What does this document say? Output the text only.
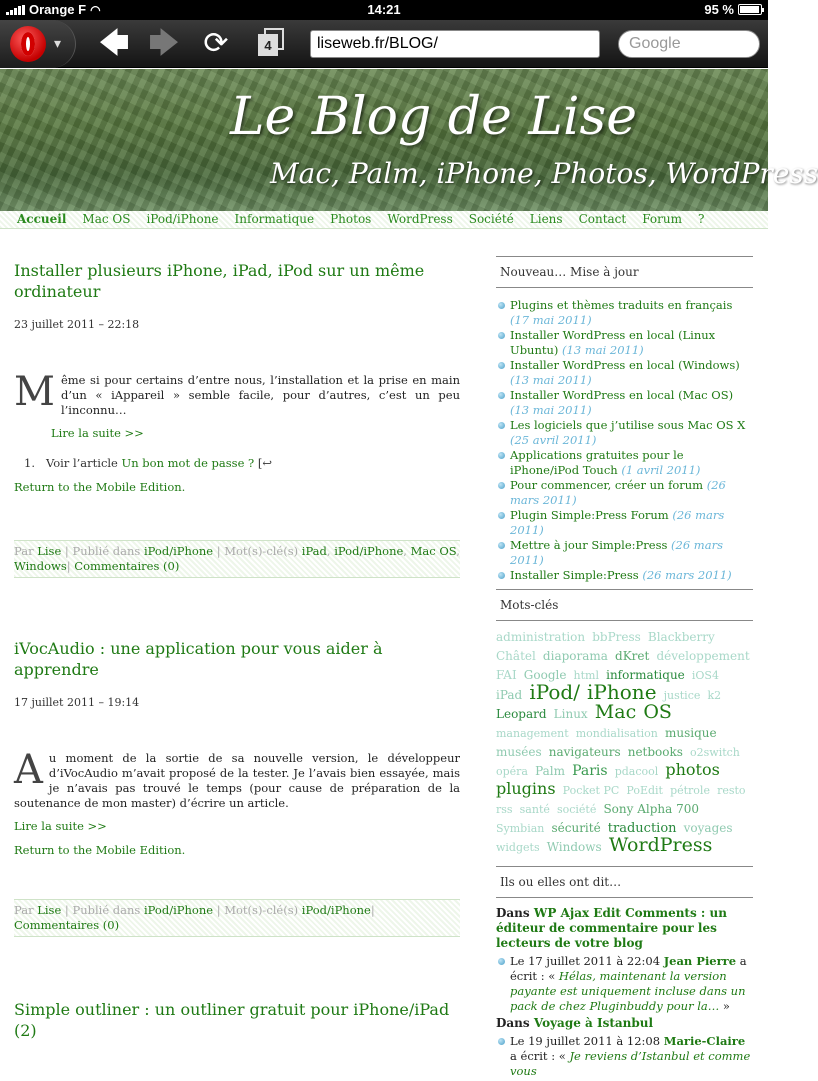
Orange F ◠	14:21	95 %
▾ 🡄 🡆 ⟳	4	liseweb.fr/BLOG/	Google
Le Blog de Lise
Mac, Palm, iPhone, Photos, WordPress
Accueil Mac OS iPod/iPhone Informatique Photos WordPress Société Liens Contact Forum ?
Installer plusieurs iPhone, iPad, iPod sur un même ordinateur
23 juillet 2011 – 22:18

M ême si pour certains d’entre nous, l’installation et la prise en main d’un « iAppareil » semble facile, pour d’autres, c’est un peu l’inconnu…

Lire la suite >>
1.   Voir l’article Un bon mot de passe ? [↩
Return to the Mobile Edition.
Par Lise | Publié dans iPod/iPhone | Mot(s)-clé(s) iPad, iPod/iPhone, Mac OS, Windows| Commentaires (0)
iVocAudio : une application pour vous aider à apprendre
17 juillet 2011 – 19:14

A u moment de la sortie de sa nouvelle version, le développeur d’iVocAudio m’avait proposé de la tester. Je l’avais bien essayée, mais je n’avais pas trouvé le temps (pour cause de préparation de la soutenance de mon master) d’écrire un article.

Lire la suite >>
Return to the Mobile Edition.
Par Lise | Publié dans iPod/iPhone | Mot(s)-clé(s) iPod/iPhone| Commentaires (0)
Simple outliner : un outliner gratuit pour iPhone/iPad (2)
Nouveau… Mise à jour
Plugins et thèmes traduits en français (17 mai 2011)
Installer WordPress en local (Linux Ubuntu) (13 mai 2011)
Installer WordPress en local (Windows) (13 mai 2011)
Installer WordPress en local (Mac OS) (13 mai 2011)
Les logiciels que j’utilise sous Mac OS X (25 avril 2011)
Applications gratuites pour le iPhone/iPod Touch (1 avril 2011)
Pour commencer, créer un forum (26 mars 2011)
Plugin Simple:Press Forum (26 mars 2011)
Mettre à jour Simple:Press (26 mars 2011)
Installer Simple:Press (26 mars 2011)
Mots-clés
administration bbPress Blackberry Châtel diaporama dKret développement FAI Google html informatique iOS4 iPad iPod/ iPhone justice k2 Leopard Linux Mac OS management mondialisation musique musées navigateurs netbooks o2switch opéra Palm Paris pdacool photos plugins Pocket PC PoEdit pétrole resto rss santé société Sony Alpha 700 Symbian sécurité traduction voyages widgets Windows WordPress
Ils ou elles ont dit…
Dans WP Ajax Edit Comments : un éditeur de commentaire pour les lecteurs de votre blog
Le 17 juillet 2011 à 22:04 Jean Pierre a écrit : « Hélas, maintenant la version payante est uniquement incluse dans un pack de chez Pluginbuddy pour la… »
Dans Voyage à Istanbul
Le 19 juillet 2011 à 12:08 Marie-Claire a écrit : « Je reviens d’Istanbul et comme vous
